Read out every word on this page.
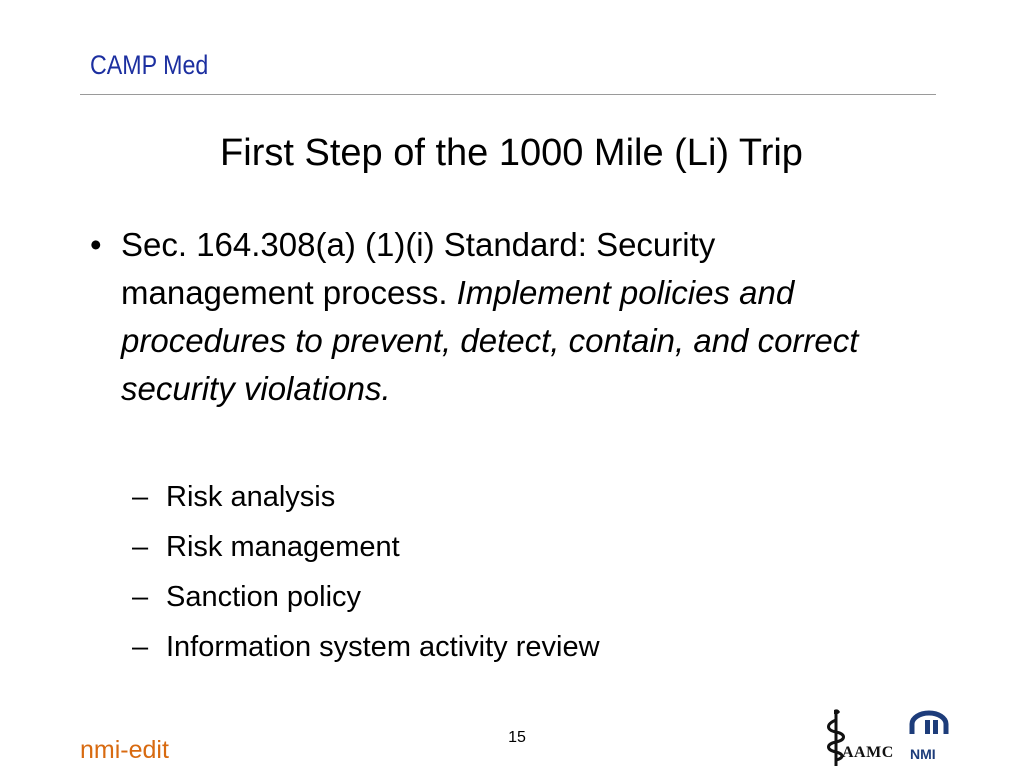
CAMP Med
First Step of the 1000 Mile (Li) Trip
• Sec. 164.308(a) (1)(i) Standard: Security management process. Implement policies and procedures to prevent, detect, contain, and correct security violations.
– Risk analysis
– Risk management
– Sanction policy
– Information system activity review
nmi-edit	15
AAMC NMI
